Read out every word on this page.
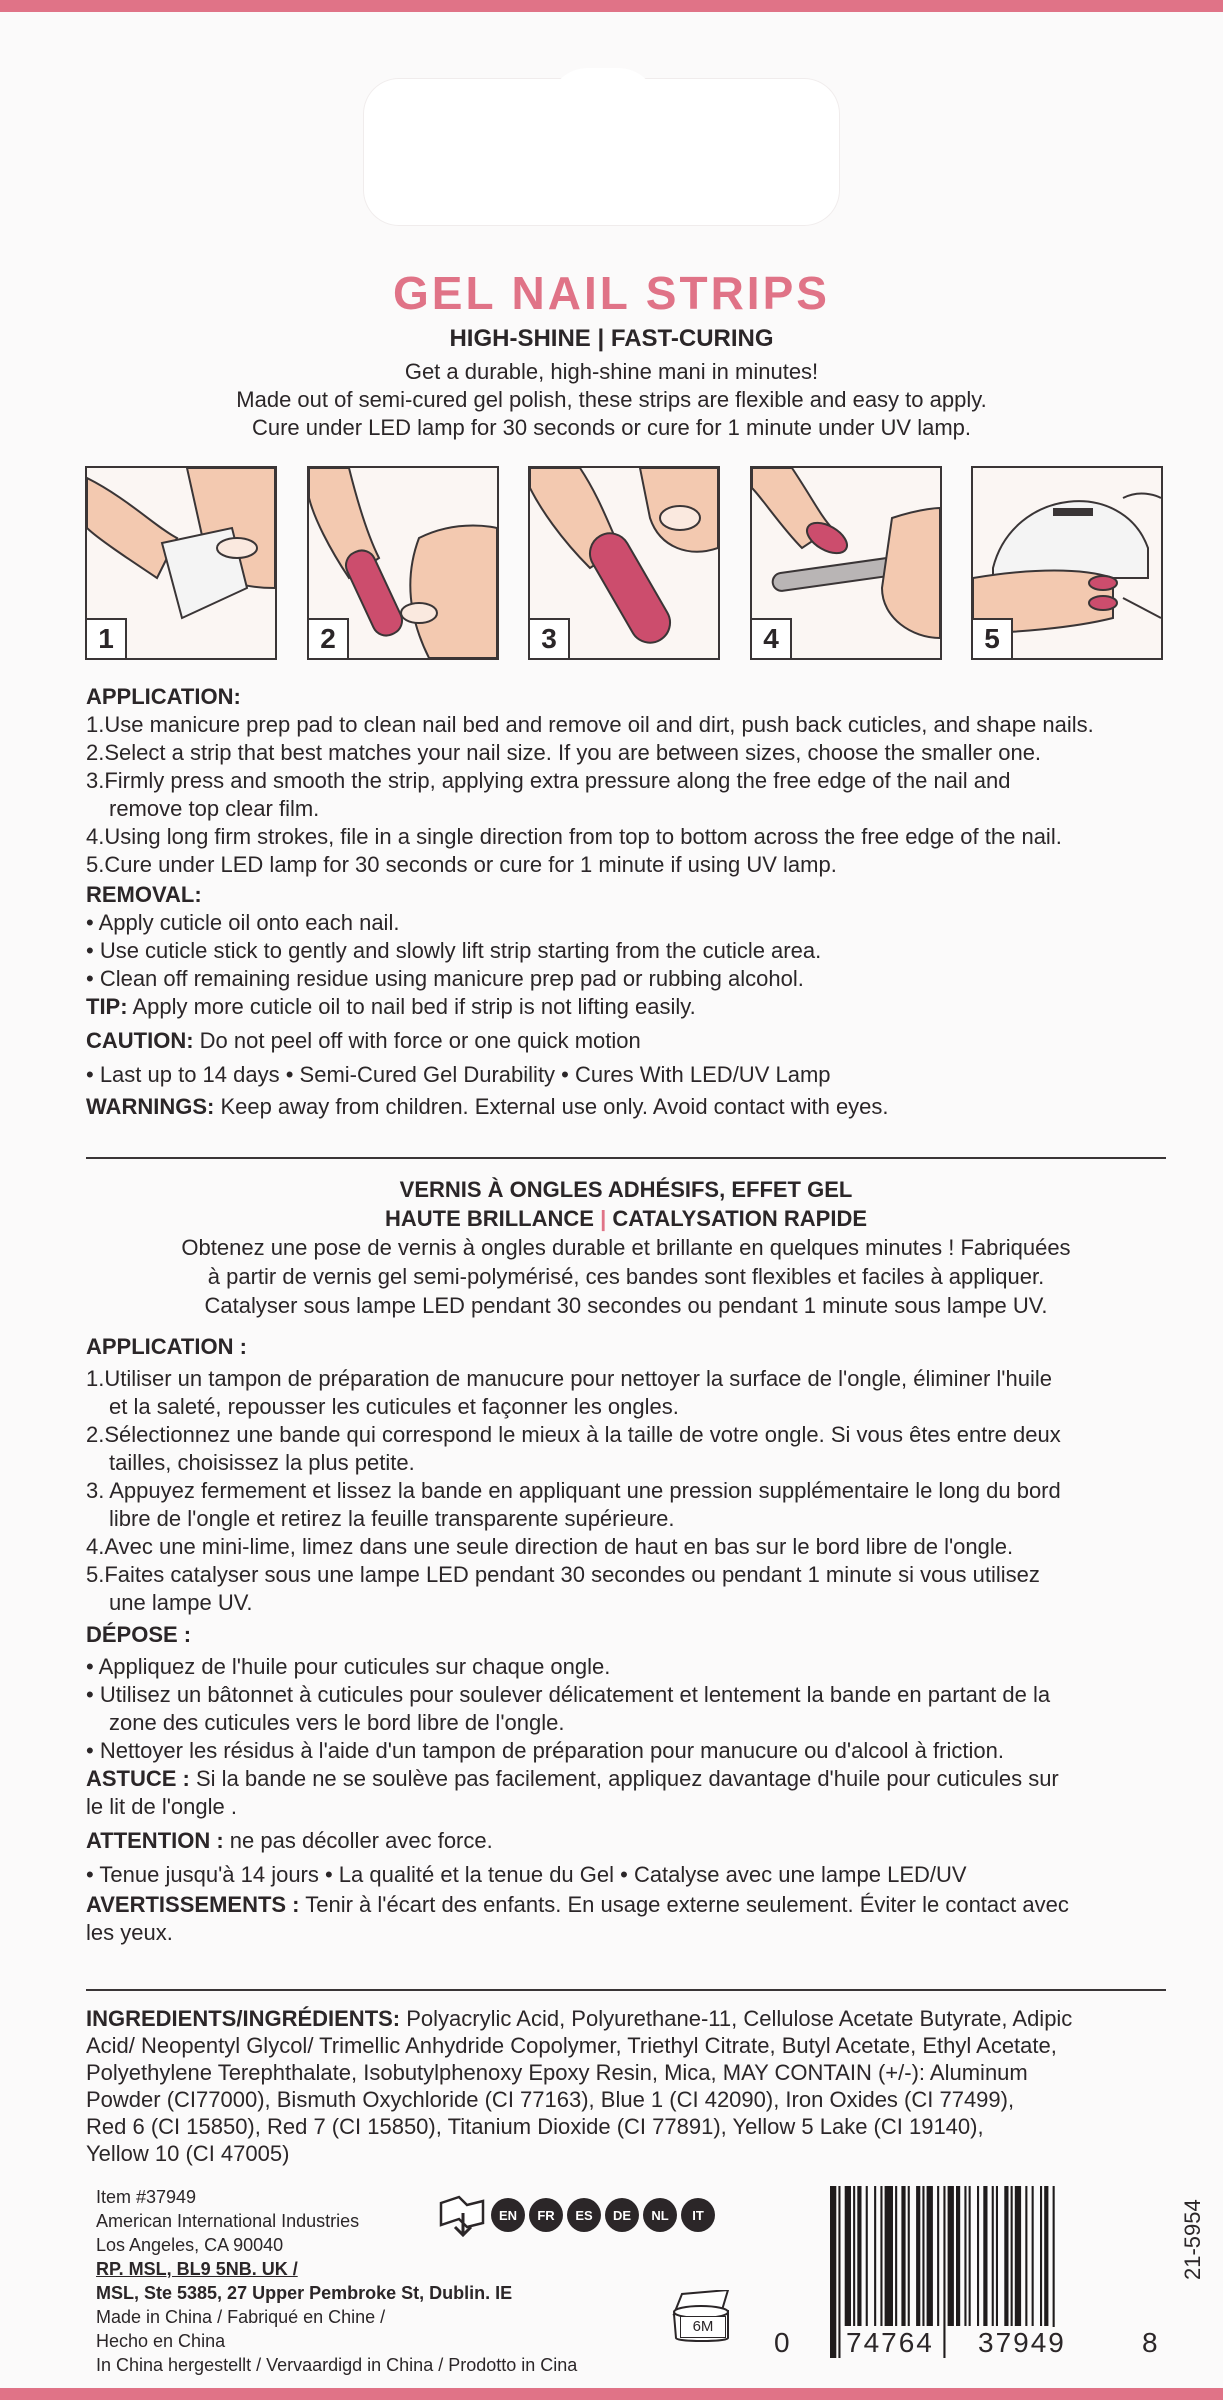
GEL NAIL STRIPS
HIGH-SHINE | FAST-CURING
Get a durable, high-shine mani in minutes!
Made out of semi-cured gel polish, these strips are flexible and easy to apply.
Cure under LED lamp for 30 seconds or cure for 1 minute under UV lamp.
1	2	3	4	5
APPLICATION:
1.Use manicure prep pad to clean nail bed and remove oil and dirt, push back cuticles, and shape nails.
2.Select a strip that best matches your nail size. If you are between sizes, choose the smaller one.
3.Firmly press and smooth the strip, applying extra pressure along the free edge of the nail and
remove top clear film.
4.Using long firm strokes, file in a single direction from top to bottom across the free edge of the nail.
5.Cure under LED lamp for 30 seconds or cure for 1 minute if using UV lamp.
REMOVAL:
• Apply cuticle oil onto each nail.
• Use cuticle stick to gently and slowly lift strip starting from the cuticle area.
• Clean off remaining residue using manicure prep pad or rubbing alcohol.
TIP: Apply more cuticle oil to nail bed if strip is not lifting easily.
CAUTION: Do not peel off with force or one quick motion
• Last up to 14 days • Semi-Cured Gel Durability • Cures With LED/UV Lamp
WARNINGS: Keep away from children. External use only. Avoid contact with eyes.
VERNIS À ONGLES ADHÉSIFS, EFFET GEL
HAUTE BRILLANCE | CATALYSATION RAPIDE
Obtenez une pose de vernis à ongles durable et brillante en quelques minutes ! Fabriquées
à partir de vernis gel semi-polymérisé, ces bandes sont flexibles et faciles à appliquer.
Catalyser sous lampe LED pendant 30 secondes ou pendant 1 minute sous lampe UV.
APPLICATION :
1.Utiliser un tampon de préparation de manucure pour nettoyer la surface de l'ongle, éliminer l'huile
et la saleté, repousser les cuticules et façonner les ongles.
2.Sélectionnez une bande qui correspond le mieux à la taille de votre ongle. Si vous êtes entre deux
tailles, choisissez la plus petite.
3. Appuyez fermement et lissez la bande en appliquant une pression supplémentaire le long du bord
libre de l'ongle et retirez la feuille transparente supérieure.
4.Avec une mini-lime, limez dans une seule direction de haut en bas sur le bord libre de l'ongle.
5.Faites catalyser sous une lampe LED pendant 30 secondes ou pendant 1 minute si vous utilisez
une lampe UV.
DÉPOSE :
• Appliquez de l'huile pour cuticules sur chaque ongle.
• Utilisez un bâtonnet à cuticules pour soulever délicatement et lentement la bande en partant de la
zone des cuticules vers le bord libre de l'ongle.
• Nettoyer les résidus à l'aide d'un tampon de préparation pour manucure ou d'alcool à friction.
ASTUCE : Si la bande ne se soulève pas facilement, appliquez davantage d'huile pour cuticules sur
le lit de l'ongle .
ATTENTION : ne pas décoller avec force.
• Tenue jusqu'à 14 jours • La qualité et la tenue du Gel • Catalyse avec une lampe LED/UV
AVERTISSEMENTS : Tenir à l'écart des enfants. En usage externe seulement. Éviter le contact avec
les yeux.
INGREDIENTS/INGRÉDIENTS: Polyacrylic Acid, Polyurethane-11, Cellulose Acetate Butyrate, Adipic
Acid/ Neopentyl Glycol/ Trimellic Anhydride Copolymer, Triethyl Citrate, Butyl Acetate, Ethyl Acetate,
Polyethylene Terephthalate, Isobutylphenoxy Epoxy Resin, Mica, MAY CONTAIN (+/-): Aluminum
Powder (CI77000), Bismuth Oxychloride (CI 77163), Blue 1 (CI 42090), Iron Oxides (CI 77499),
Red 6 (CI 15850), Red 7 (CI 15850), Titanium Dioxide (CI 77891), Yellow 5 Lake (CI 19140),
Yellow 10 (CI 47005)
Item #37949
American International Industries
Los Angeles, CA 90040
RP. MSL, BL9 5NB. UK /
MSL, Ste 5385, 27 Upper Pembroke St, Dublin. IE
Made in China / Fabriqué en Chine / Hecho en China
In China hergestellt / Vervaardigd in China / Prodotto in Cina
EN	FR	ES	DE	NL	IT
6M
0 74764 37949	8
21-5954
